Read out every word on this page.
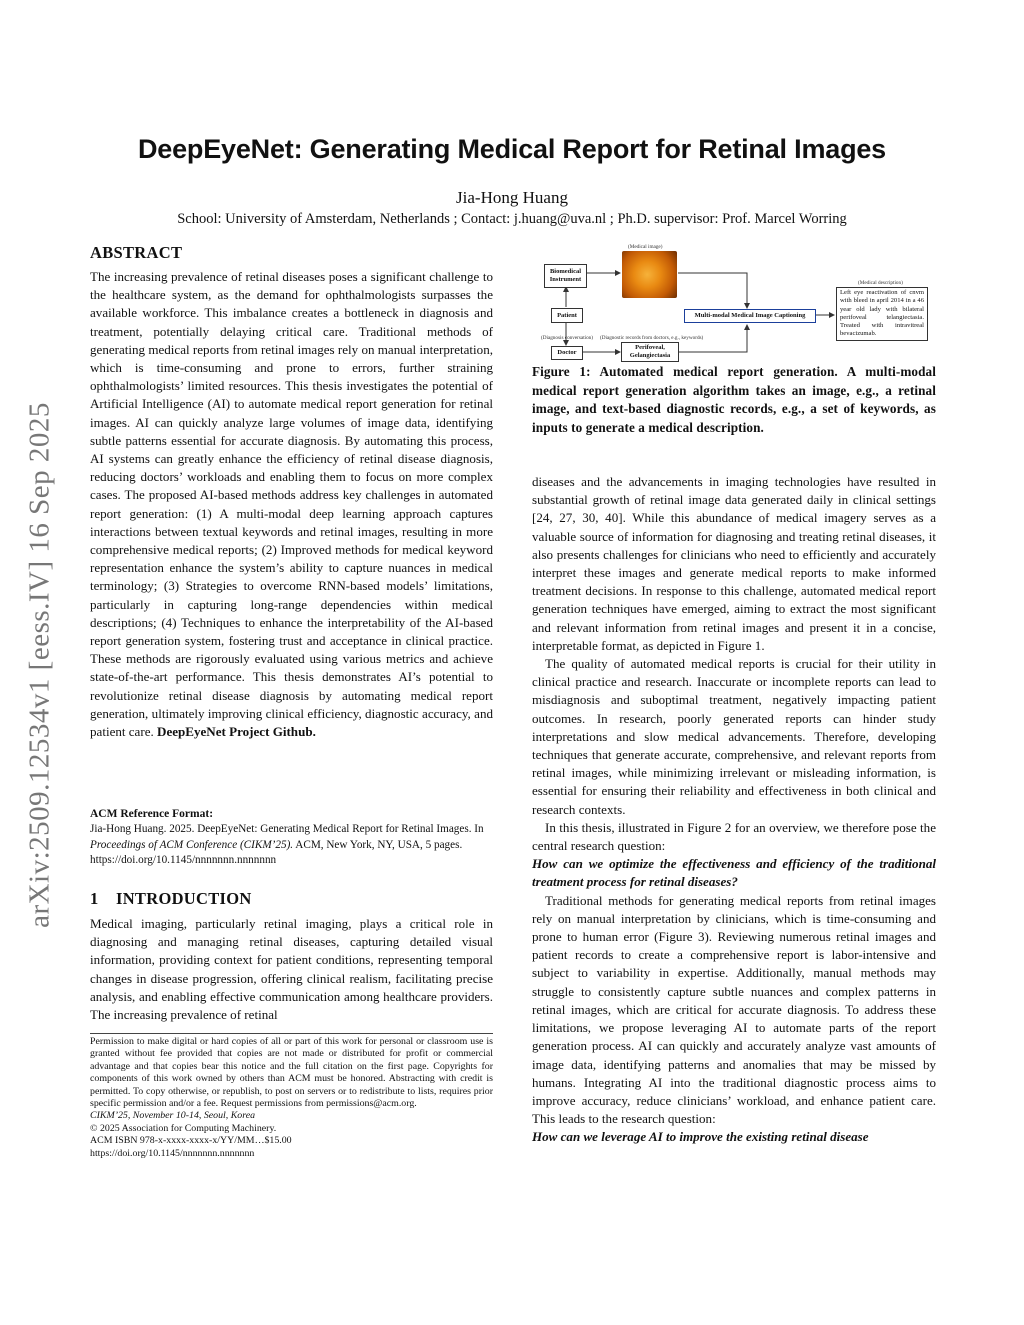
arXiv:2509.12534v1 [eess.IV] 16 Sep 2025
DeepEyeNet: Generating Medical Report for Retinal Images
Jia-Hong Huang
School: University of Amsterdam, Netherlands ; Contact: j.huang@uva.nl ; Ph.D. supervisor: Prof. Marcel Worring
ABSTRACT
The increasing prevalence of retinal diseases poses a significant challenge to the healthcare system, as the demand for ophthalmologists surpasses the available workforce. This imbalance creates a bottleneck in diagnosis and treatment, potentially delaying critical care. Traditional methods of generating medical reports from retinal images rely on manual interpretation, which is time-consuming and prone to errors, further straining ophthalmologists’ limited resources. This thesis investigates the potential of Artificial Intelligence (AI) to automate medical report generation for retinal images. AI can quickly analyze large volumes of image data, identifying subtle patterns essential for accurate diagnosis. By automating this process, AI systems can greatly enhance the efficiency of retinal disease diagnosis, reducing doctors’ workloads and enabling them to focus on more complex cases. The proposed AI-based methods address key challenges in automated report generation: (1) A multi-modal deep learning approach captures interactions between textual keywords and retinal images, resulting in more comprehensive medical reports; (2) Improved methods for medical keyword representation enhance the system’s ability to capture nuances in medical terminology; (3) Strategies to overcome RNN-based models’ limitations, particularly in capturing long-range dependencies within medical descriptions; (4) Techniques to enhance the interpretability of the AI-based report generation system, fostering trust and acceptance in clinical practice. These methods are rigorously evaluated using various metrics and achieve state-of-the-art performance. This thesis demonstrates AI’s potential to revolutionize retinal disease diagnosis by automating medical report generation, ultimately improving clinical efficiency, diagnostic accuracy, and patient care. DeepEyeNet Project Github.
ACM Reference Format:
Jia-Hong Huang. 2025. DeepEyeNet: Generating Medical Report for Retinal Images. In Proceedings of ACM Conference (CIKM’25). ACM, New York, NY, USA, 5 pages. https://doi.org/10.1145/nnnnnnn.nnnnnnn
1 INTRODUCTION
Medical imaging, particularly retinal imaging, plays a critical role in diagnosing and managing retinal diseases, capturing detailed visual information, providing context for patient conditions, representing temporal changes in disease progression, offering clinical realism, facilitating precise analysis, and enabling effective communication among healthcare providers. The increasing prevalence of retinal
Permission to make digital or hard copies of all or part of this work for personal or classroom use is granted without fee provided that copies are not made or distributed for profit or commercial advantage and that copies bear this notice and the full citation on the first page. Copyrights for components of this work owned by others than ACM must be honored. Abstracting with credit is permitted. To copy otherwise, or republish, to post on servers or to redistribute to lists, requires prior specific permission and/or a fee. Request permissions from permissions@acm.org.
CIKM’25, November 10-14, Seoul, Korea
© 2025 Association for Computing Machinery.
ACM ISBN 978-x-xxxx-xxxx-x/YY/MM…$15.00
https://doi.org/10.1145/nnnnnnn.nnnnnnn
(Medical image)
Biomedical Instrument
Patient
(Diagnosis conversation) (Diagnostic records from doctors, e.g., keywords)
Doctor
Perifoveal, Gelangiectasia
Multi-modal Medical Image Captioning
(Medical description)
Left eye reactivation of cnvm with bleed in april 2014 in a 46 year old lady with bilateral perifoveal telangiectasia. Treated with intravitreal bevacizumab.
Figure 1: Automated medical report generation. A multi-modal medical report generation algorithm takes an image, e.g., a retinal image, and text-based diagnostic records, e.g., a set of keywords, as inputs to generate a medical description.

diseases and the advancements in imaging technologies have resulted in substantial growth of retinal image data generated daily in clinical settings [24, 27, 30, 40]. While this abundance of medical imagery serves as a valuable source of information for diagnosing and treating retinal diseases, it also presents challenges for clinicians who need to efficiently and accurately interpret these images and generate medical reports to make informed treatment decisions. In response to this challenge, automated medical report generation techniques have emerged, aiming to extract the most significant and relevant information from retinal images and present it in a concise, interpretable format, as depicted in Figure 1.

The quality of automated medical reports is crucial for their utility in clinical practice and research. Inaccurate or incomplete reports can lead to misdiagnosis and suboptimal treatment, negatively impacting patient outcomes. In research, poorly generated reports can hinder study interpretations and slow medical advancements. Therefore, developing techniques that generate accurate, comprehensive, and relevant reports from retinal images, while minimizing irrelevant or misleading information, is essential for ensuring their reliability and effectiveness in both clinical and research contexts.

In this thesis, illustrated in Figure 2 for an overview, we therefore pose the central research question:

How can we optimize the effectiveness and efficiency of the traditional treatment process for retinal diseases?

Traditional methods for generating medical reports from retinal images rely on manual interpretation by clinicians, which is time-consuming and prone to human error (Figure 3). Reviewing numerous retinal images and patient records to create a comprehensive report is labor-intensive and subject to variability in expertise. Additionally, manual methods may struggle to consistently capture subtle nuances and complex patterns in retinal images, which are critical for accurate diagnosis. To address these limitations, we propose leveraging AI to automate parts of the report generation process. AI can quickly and accurately analyze vast amounts of image data, identifying patterns and anomalies that may be missed by humans. Integrating AI into the traditional diagnostic process aims to improve accuracy, reduce clinicians’ workload, and enhance patient care. This leads to the research question:

How can we leverage AI to improve the existing retinal disease
